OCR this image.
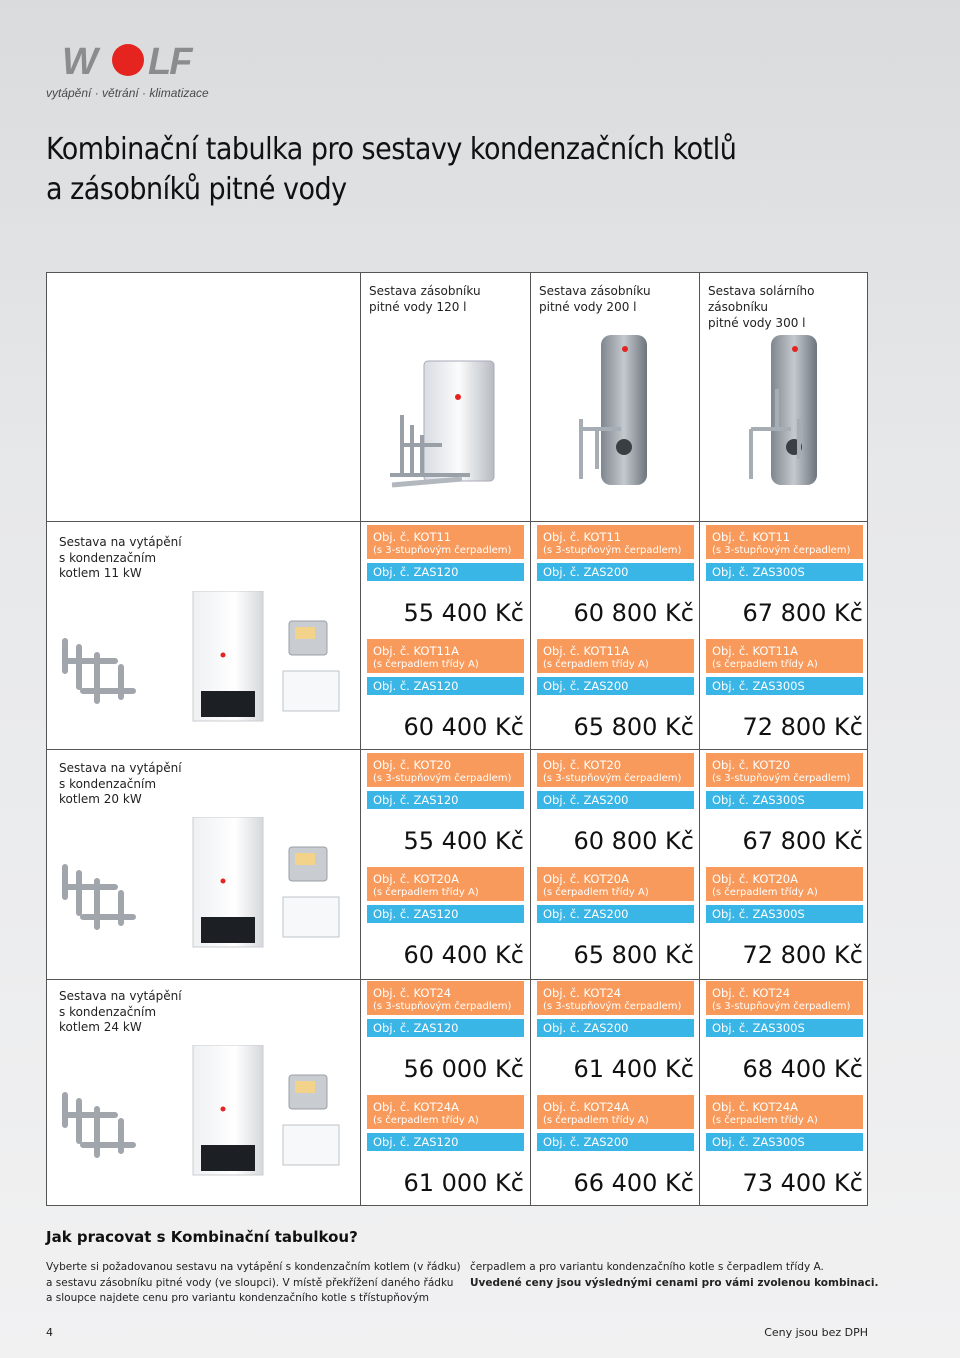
W LF
vytápění · větrání · klimatizace
Kombinační tabulka pro sestavy kondenzačních kotlů
a zásobníků pitné vody
Sestava zásobníku
pitné vody 120 l
Sestava zásobníku
pitné vody 200 l
Sestava solárního zásobníku
pitné vody 300 l
Sestava na vytápění
s kondenzačním
kotlem 11 kW
Sestava na vytápění
s kondenzačním
kotlem 20 kW
Sestava na vytápění
s kondenzačním
kotlem 24 kW
Obj. č. KOT11
(s 3-stupňovým čerpadlem)
Obj. č. ZAS120
55 400 Kč
Obj. č. KOT11
(s 3-stupňovým čerpadlem)
Obj. č. ZAS200
60 800 Kč
Obj. č. KOT11
(s 3-stupňovým čerpadlem)
Obj. č. ZAS300S
67 800 Kč
Obj. č. KOT11A
(s čerpadlem třídy A)
Obj. č. ZAS120
60 400 Kč
Obj. č. KOT11A
(s čerpadlem třídy A)
Obj. č. ZAS200
65 800 Kč
Obj. č. KOT11A
(s čerpadlem třídy A)
Obj. č. ZAS300S
72 800 Kč
Obj. č. KOT20
(s 3-stupňovým čerpadlem)
Obj. č. ZAS120
55 400 Kč
Obj. č. KOT20
(s 3-stupňovým čerpadlem)
Obj. č. ZAS200
60 800 Kč
Obj. č. KOT20
(s 3-stupňovým čerpadlem)
Obj. č. ZAS300S
67 800 Kč
Obj. č. KOT20A
(s čerpadlem třídy A)
Obj. č. ZAS120
60 400 Kč
Obj. č. KOT20A
(s čerpadlem třídy A)
Obj. č. ZAS200
65 800 Kč
Obj. č. KOT20A
(s čerpadlem třídy A)
Obj. č. ZAS300S
72 800 Kč
Obj. č. KOT24
(s 3-stupňovým čerpadlem)
Obj. č. ZAS120
56 000 Kč
Obj. č. KOT24
(s 3-stupňovým čerpadlem)
Obj. č. ZAS200
61 400 Kč
Obj. č. KOT24
(s 3-stupňovým čerpadlem)
Obj. č. ZAS300S
68 400 Kč
Obj. č. KOT24A
(s čerpadlem třídy A)
Obj. č. ZAS120
61 000 Kč
Obj. č. KOT24A
(s čerpadlem třídy A)
Obj. č. ZAS200
66 400 Kč
Obj. č. KOT24A
(s čerpadlem třídy A)
Obj. č. ZAS300S
73 400 Kč
Jak pracovat s Kombinační tabulkou?
Vyberte si požadovanou sestavu na vytápění s kondenzačním kotlem (v řádku)
a sestavu zásobníku pitné vody (ve sloupci). V místě překřížení daného řádku
a sloupce najdete cenu pro variantu kondenzačního kotle s třístupňovým
čerpadlem a pro variantu kondenzačního kotle s čerpadlem třídy A.
Uvedené ceny jsou výslednými cenami pro vámi zvolenou kombinaci.
4	Ceny jsou bez DPH
